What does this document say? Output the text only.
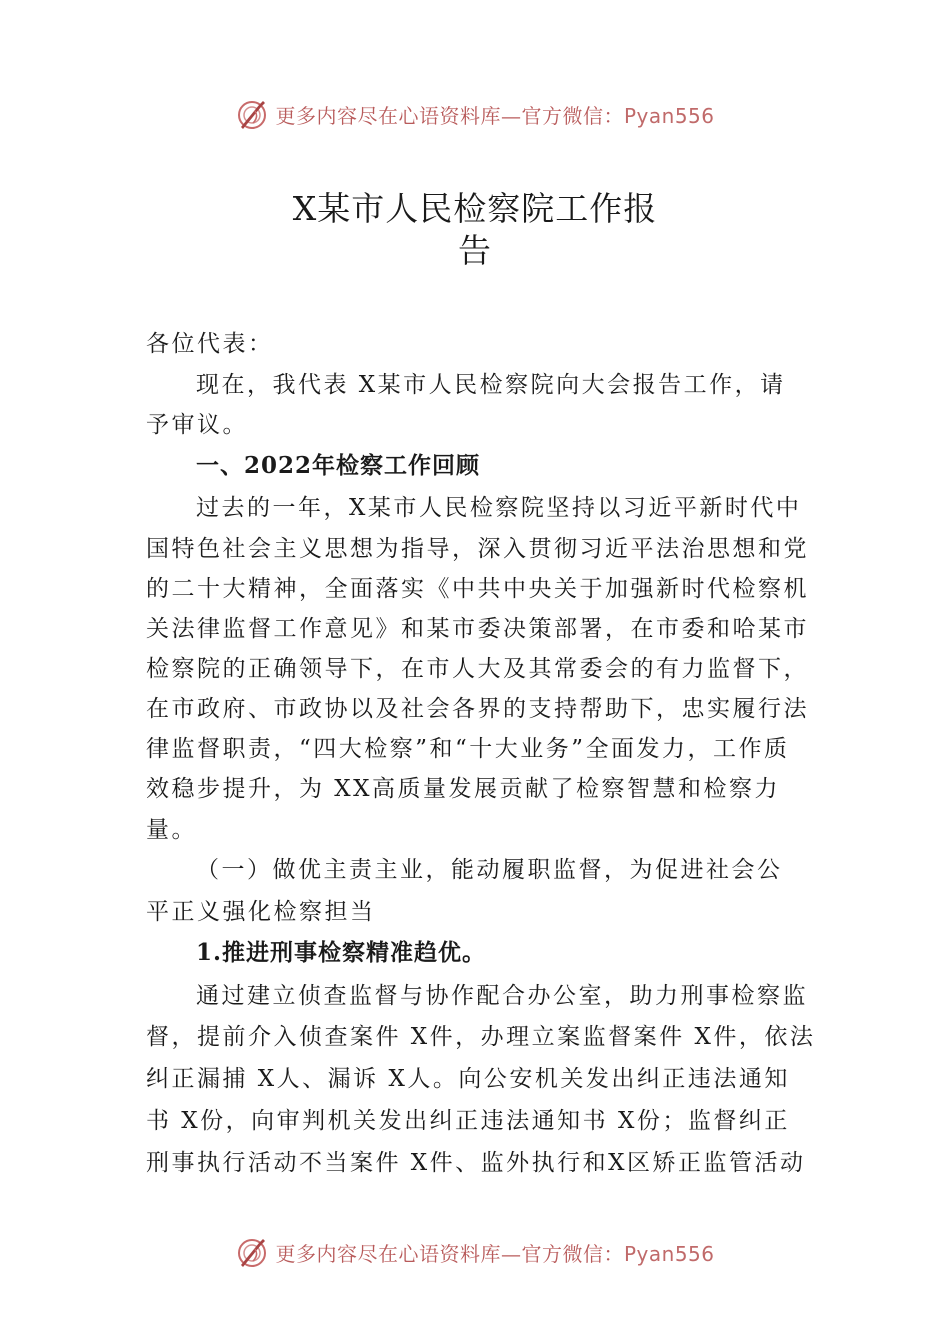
更多内容尽在心语资料库—官方微信：Pyan556
X某市人民检察院工作报
告
各位代表：
现在，我代表 X某市人民检察院向大会报告工作，请
予审议。
一、2022年检察工作回顾
过去的一年，X某市人民检察院坚持以习近平新时代中
国特色社会主义思想为指导，深入贯彻习近平法治思想和党
的二十大精神，全面落实《中共中央关于加强新时代检察机
关法律监督工作意见》和某市委决策部署，在市委和哈某市
检察院的正确领导下，在市人大及其常委会的有力监督下，
在市政府、市政协以及社会各界的支持帮助下，忠实履行法
律监督职责，“四大检察”和“十大业务”全面发力，工作质
效稳步提升，为 XX高质量发展贡献了检察智慧和检察力
量。
（一）做优主责主业，能动履职监督，为促进社会公
平正义强化检察担当
1.推进刑事检察精准趋优。
通过建立侦查监督与协作配合办公室，助力刑事检察监
督，提前介入侦查案件 X件，办理立案监督案件 X件，依法
纠正漏捕 X人、漏诉 X人。向公安机关发出纠正违法通知
书 X份，向审判机关发出纠正违法通知书 X份；监督纠正
刑事执行活动不当案件 X件、监外执行和X区矫正监管活动
更多内容尽在心语资料库—官方微信：Pyan556
